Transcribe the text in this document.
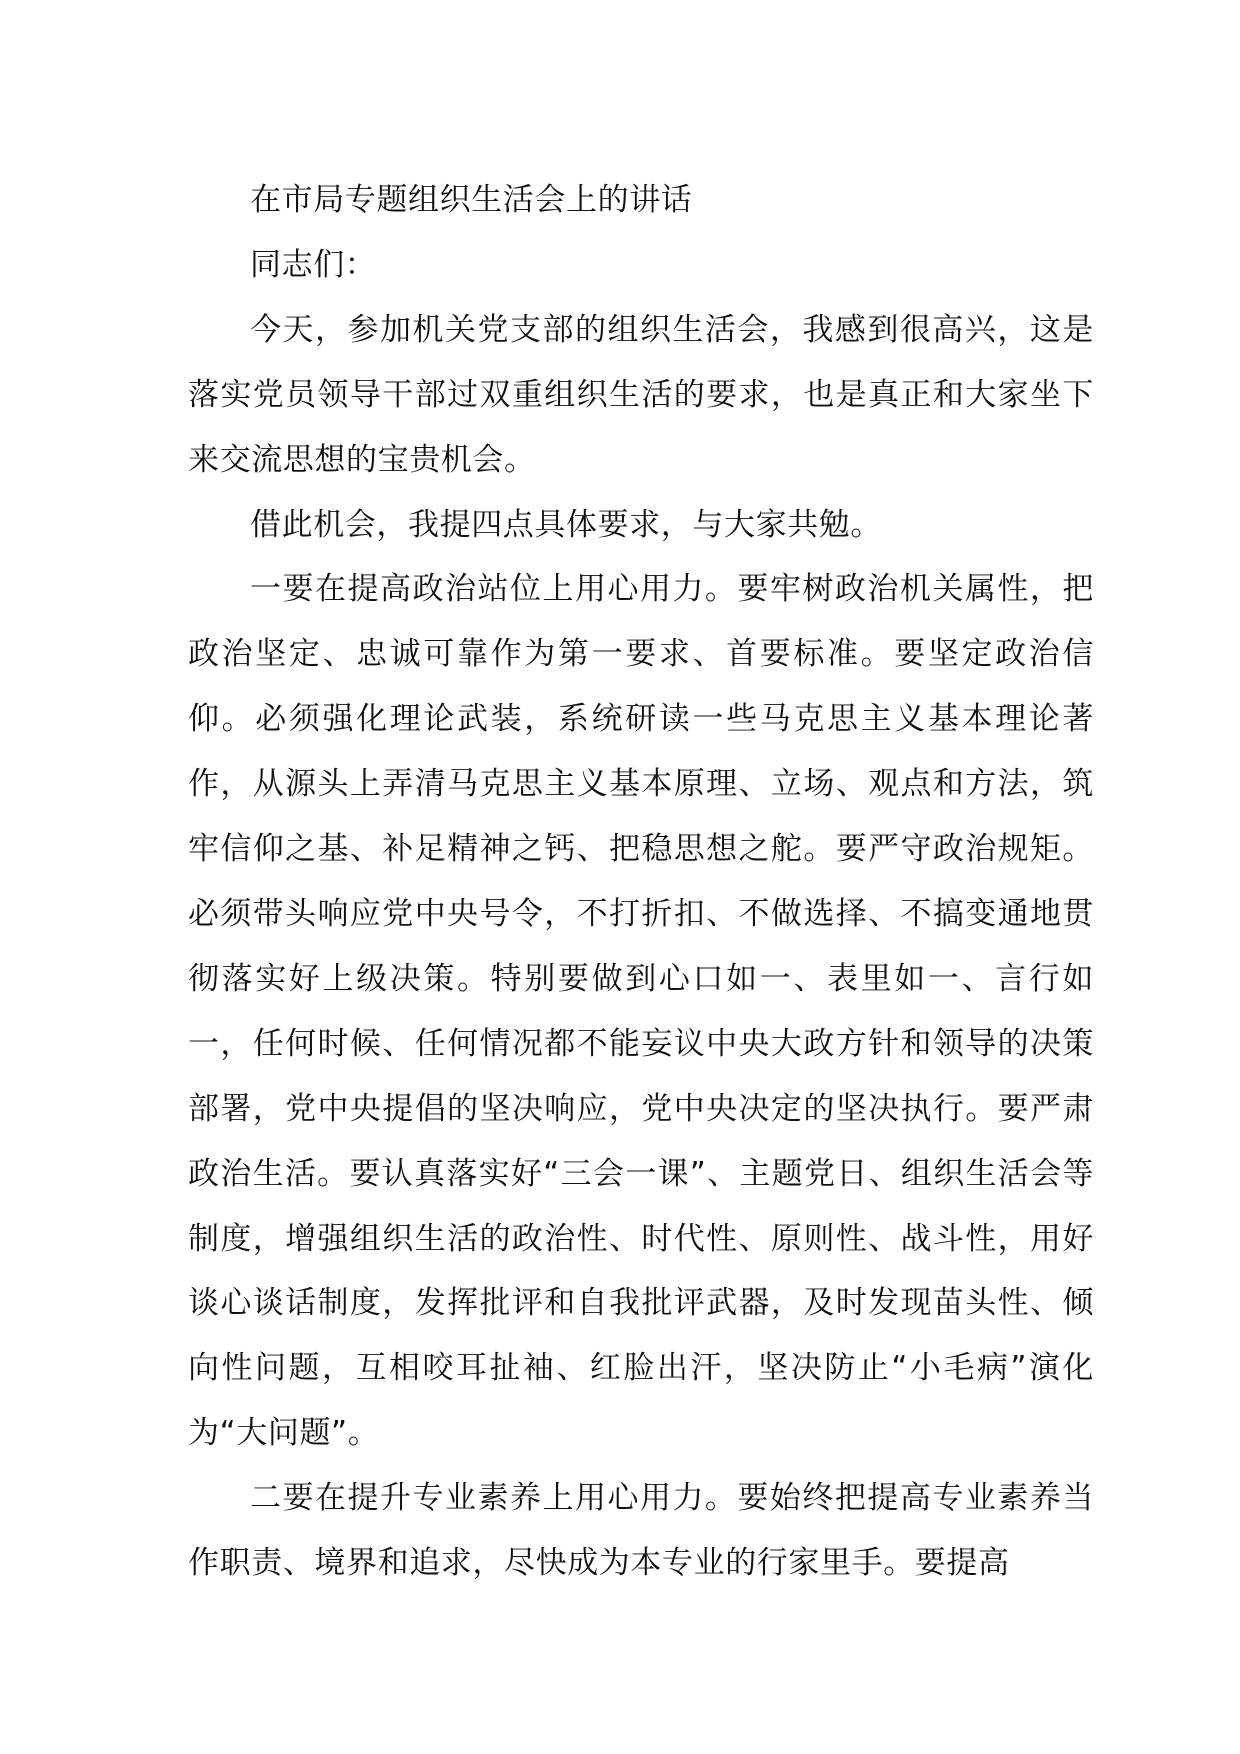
在市局专题组织生活会上的讲话

同志们：

今天，参加机关党支部的组织生活会，我感到很高兴，这是落实党员领导干部过双重组织生活的要求，也是真正和大家坐下来交流思想的宝贵机会。

借此机会，我提四点具体要求，与大家共勉。

一要在提高政治站位上用心用力。要牢树政治机关属性，把政治坚定、忠诚可靠作为第一要求、首要标准。要坚定政治信仰。必须强化理论武装，系统研读一些马克思主义基本理论著作，从源头上弄清马克思主义基本原理、立场、观点和方法，筑牢信仰之基、补足精神之钙、把稳思想之舵。要严守政治规矩。必须带头响应党中央号令，不打折扣、不做选择、不搞变通地贯彻落实好上级决策。特别要做到心口如一、表里如一、言行如一，任何时候、任何情况都不能妄议中央大政方针和领导的决策部署，党中央提倡的坚决响应，党中央决定的坚决执行。要严肃政治生活。要认真落实好“三会一课”、主题党日、组织生活会等制度，增强组织生活的政治性、时代性、原则性、战斗性，用好谈心谈话制度，发挥批评和自我批评武器，及时发现苗头性、倾向性问题，互相咬耳扯袖、红脸出汗，坚决防止“小毛病”演化为“大问题”。

二要在提升专业素养上用心用力。要始终把提高专业素养当作职责、境界和追求，尽快成为本专业的行家里手。要提高
